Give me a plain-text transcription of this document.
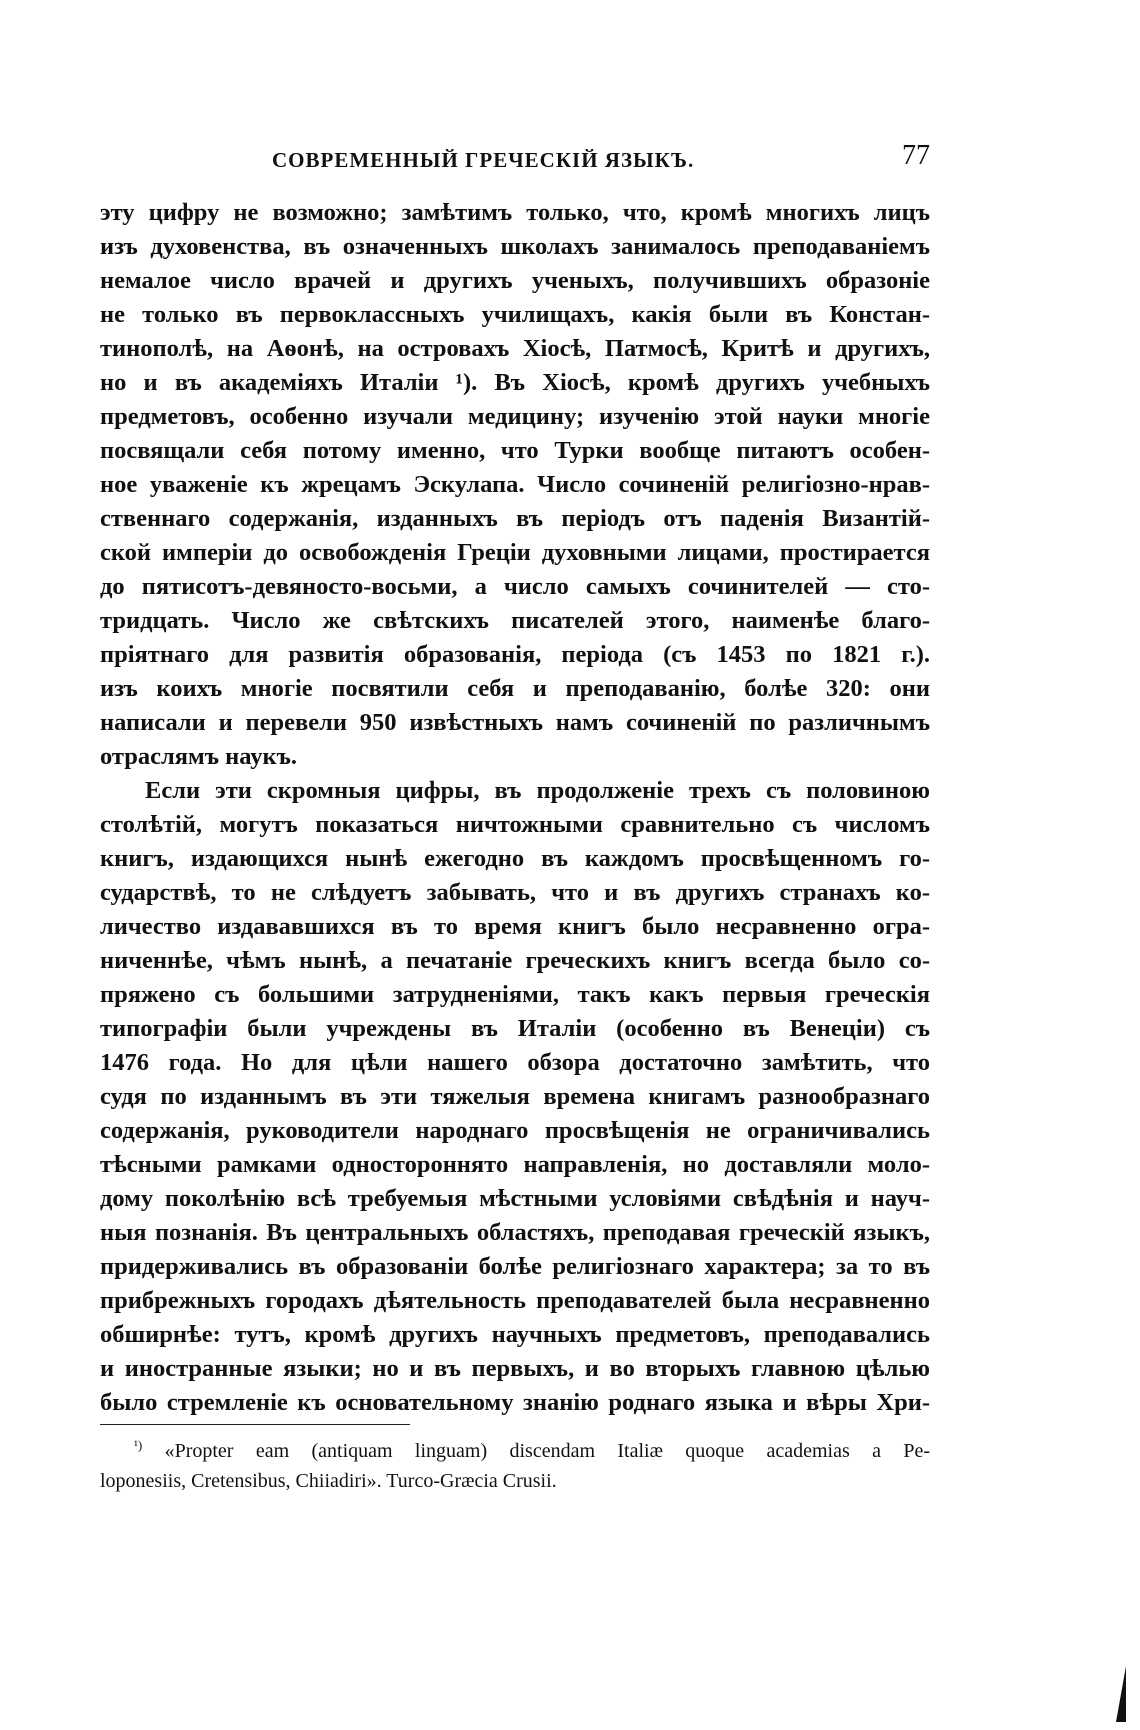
СОВРЕМЕННЫЙ ГРЕЧЕСКІЙ ЯЗЫКЪ.	77
эту цифру не возможно; замѣтимъ только, что, кромѣ многихъ лицъ
изъ духовенства, въ означенныхъ школахъ занималось преподаваніемъ
немалое число врачей и другихъ ученыхъ, получившихъ образоніе
не только въ первоклассныхъ училищахъ, какія были въ Констан-
тинополѣ, на Аѳонѣ, на островахъ Хіосѣ, Патмосѣ, Критѣ и другихъ,
но и въ академіяхъ Италіи ¹). Въ Хіосѣ, кромѣ другихъ учебныхъ
предметовъ, особенно изучали медицину; изученію этой науки многіе
посвящали себя потому именно, что Турки вообще питаютъ особен-
ное уваженіе къ жрецамъ Эскулапа. Число сочиненій религіозно-нрав-
ственнаго содержанія, изданныхъ въ періодъ отъ паденія Византій-
ской имперіи до освобожденія Греціи духовными лицами, простирается
до пятисотъ-девяносто-восьми, а число самыхъ сочинителей — сто-
тридцать. Число же свѣтскихъ писателей этого, наименѣе благо-
пріятнаго для развитія образованія, періода (съ 1453 по 1821 г.).
изъ коихъ многіе посвятили себя и преподаванію, болѣе 320: они
написали и перевели 950 извѣстныхъ намъ сочиненій по различнымъ
отраслямъ наукъ.
Если эти скромныя цифры, въ продолженіе трехъ съ половиною
столѣтій, могутъ показаться ничтожными сравнительно съ числомъ
книгъ, издающихся нынѣ ежегодно въ каждомъ просвѣщенномъ го-
сударствѣ, то не слѣдуетъ забывать, что и въ другихъ странахъ ко-
личество издававшихся въ то время книгъ было несравненно огра-
ниченнѣе, чѣмъ нынѣ, а печатаніе греческихъ книгъ всегда было со-
пряжено съ большими затрудненіями, такъ какъ первыя греческія
типографіи были учреждены въ Италіи (особенно въ Венеціи) съ
1476 года. Но для цѣли нашего обзора достаточно замѣтить, что
судя по изданнымъ въ эти тяжелыя времена книгамъ разнообразнаго
содержанія, руководители народнаго просвѣщенія не ограничивались
тѣсными рамками одностороннято направленія, но доставляли моло-
дому поколѣнію всѣ требуемыя мѣстными условіями свѣдѣнія и науч-
ныя познанія. Въ центральныхъ областяхъ, преподавая греческій языкъ,
придерживались въ образованіи болѣе религіознаго характера; за то въ
прибрежныхъ городахъ дѣятельность преподавателей была несравненно
обширнѣе: тутъ, кромѣ другихъ научныхъ предметовъ, преподавались
и иностранные языки; но и въ первыхъ, и во вторыхъ главною цѣлью
было стремленіе къ основательному знанію роднаго языка и вѣры Хри-
$^{^1)}$ «Propter eam (antiquam linguam) discendam Italiæ quoque academias a Pe-
loponesiis, Cretensibus, Chiiadiri». Turco-Græcia Crusii.
